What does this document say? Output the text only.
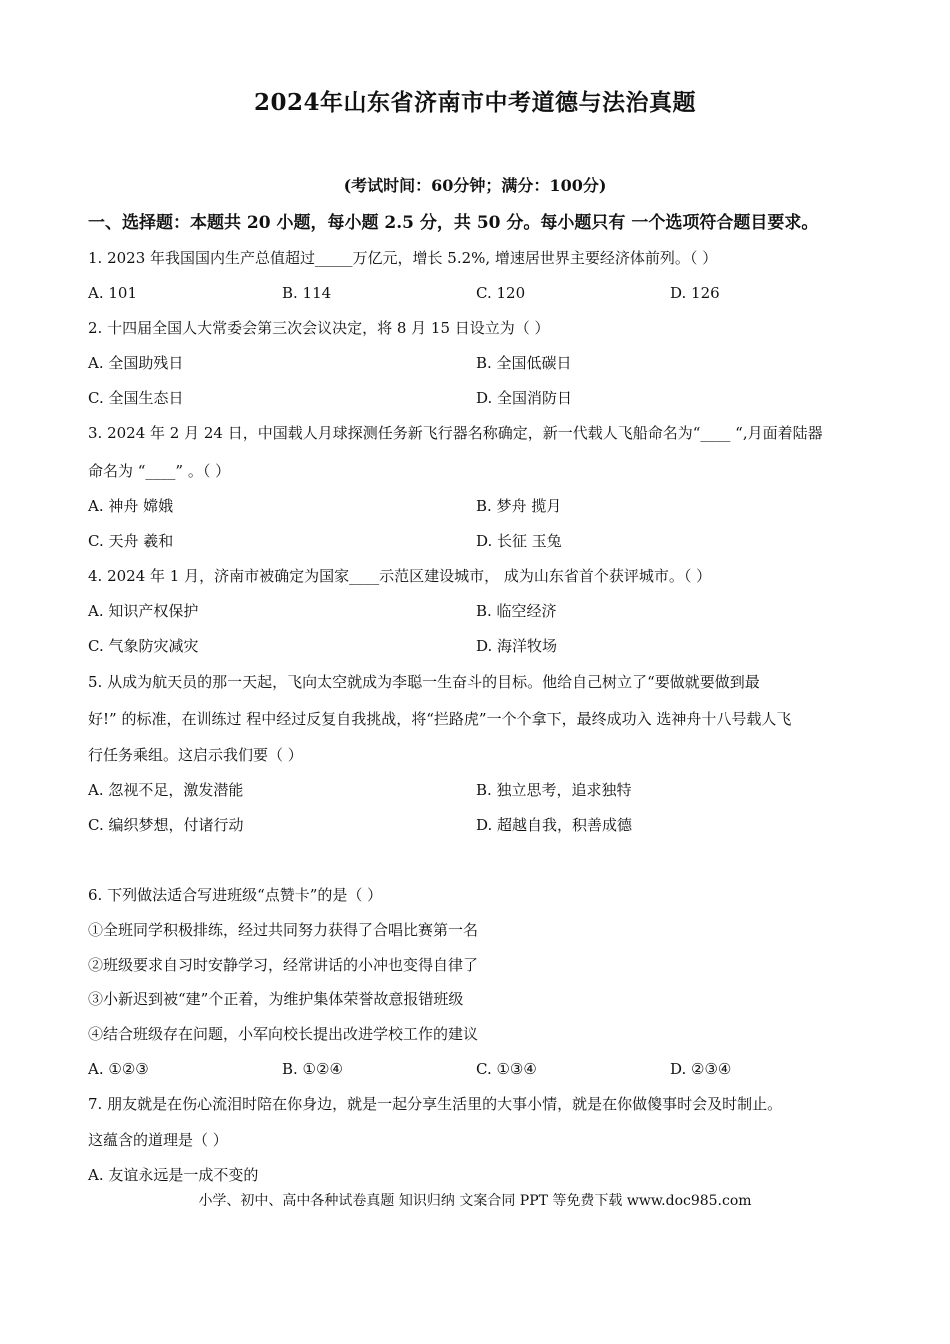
2024年山东省济南市中考道德与法治真题
(考试时间：60分钟；满分：100分)
一、选择题：本题共 20 小题，每小题 2.5 分，共 50 分。每小题只有 一个选项符合题目要求。
1. 2023 年我国国内生产总值超过_____万亿元，增长 5.2%, 增速居世界主要经济体前列。（ ）
A. 101	B. 114	C. 120	D. 126
2. 十四届全国人大常委会第三次会议决定，将 8 月 15 日设立为（ ）
A. 全国助残日	B. 全国低碳日
C. 全国生态日	D. 全国消防日
3. 2024 年 2 月 24 日，中国载人月球探测任务新飞行器名称确定，新一代载人飞船命名为“____ “,月面着陆器
命名为 “____” 。（ ）
A. 神舟 嫦娥	B. 梦舟 揽月
C. 天舟 羲和	D. 长征 玉兔
4. 2024 年 1 月，济南市被确定为国家____示范区建设城市， 成为山东省首个获评城市。（ ）
A. 知识产权保护	B. 临空经济
C. 气象防灾减灾	D. 海洋牧场
5. 从成为航天员的那一天起，飞向太空就成为李聪一生奋斗的目标。他给自己树立了“要做就要做到最
好!” 的标准，在训练过 程中经过反复自我挑战，将“拦路虎”一个个拿下，最终成功入 选神舟十八号载人飞
行任务乘组。这启示我们要（ ）
A. 忽视不足，激发潜能	B. 独立思考，追求独特
C. 编织梦想，付诸行动	D. 超越自我，积善成德
6. 下列做法适合写进班级“点赞卡”的是（ ）
①全班同学积极排练，经过共同努力获得了合唱比赛第一名
②班级要求自习时安静学习，经常讲话的小冲也变得自律了
③小新迟到被“建”个正着，为维护集体荣誉故意报错班级
④结合班级存在问题，小军向校长提出改进学校工作的建议
A. ①②③	B. ①②④	C. ①③④	D. ②③④
7. 朋友就是在伤心流泪时陪在你身边，就是一起分享生活里的大事小情，就是在你做傻事时会及时制止。
这蕴含的道理是（ ）
A. 友谊永远是一成不变的
小学、初中、高中各种试卷真题 知识归纳 文案合同 PPT 等免费下载 www.doc985.com
